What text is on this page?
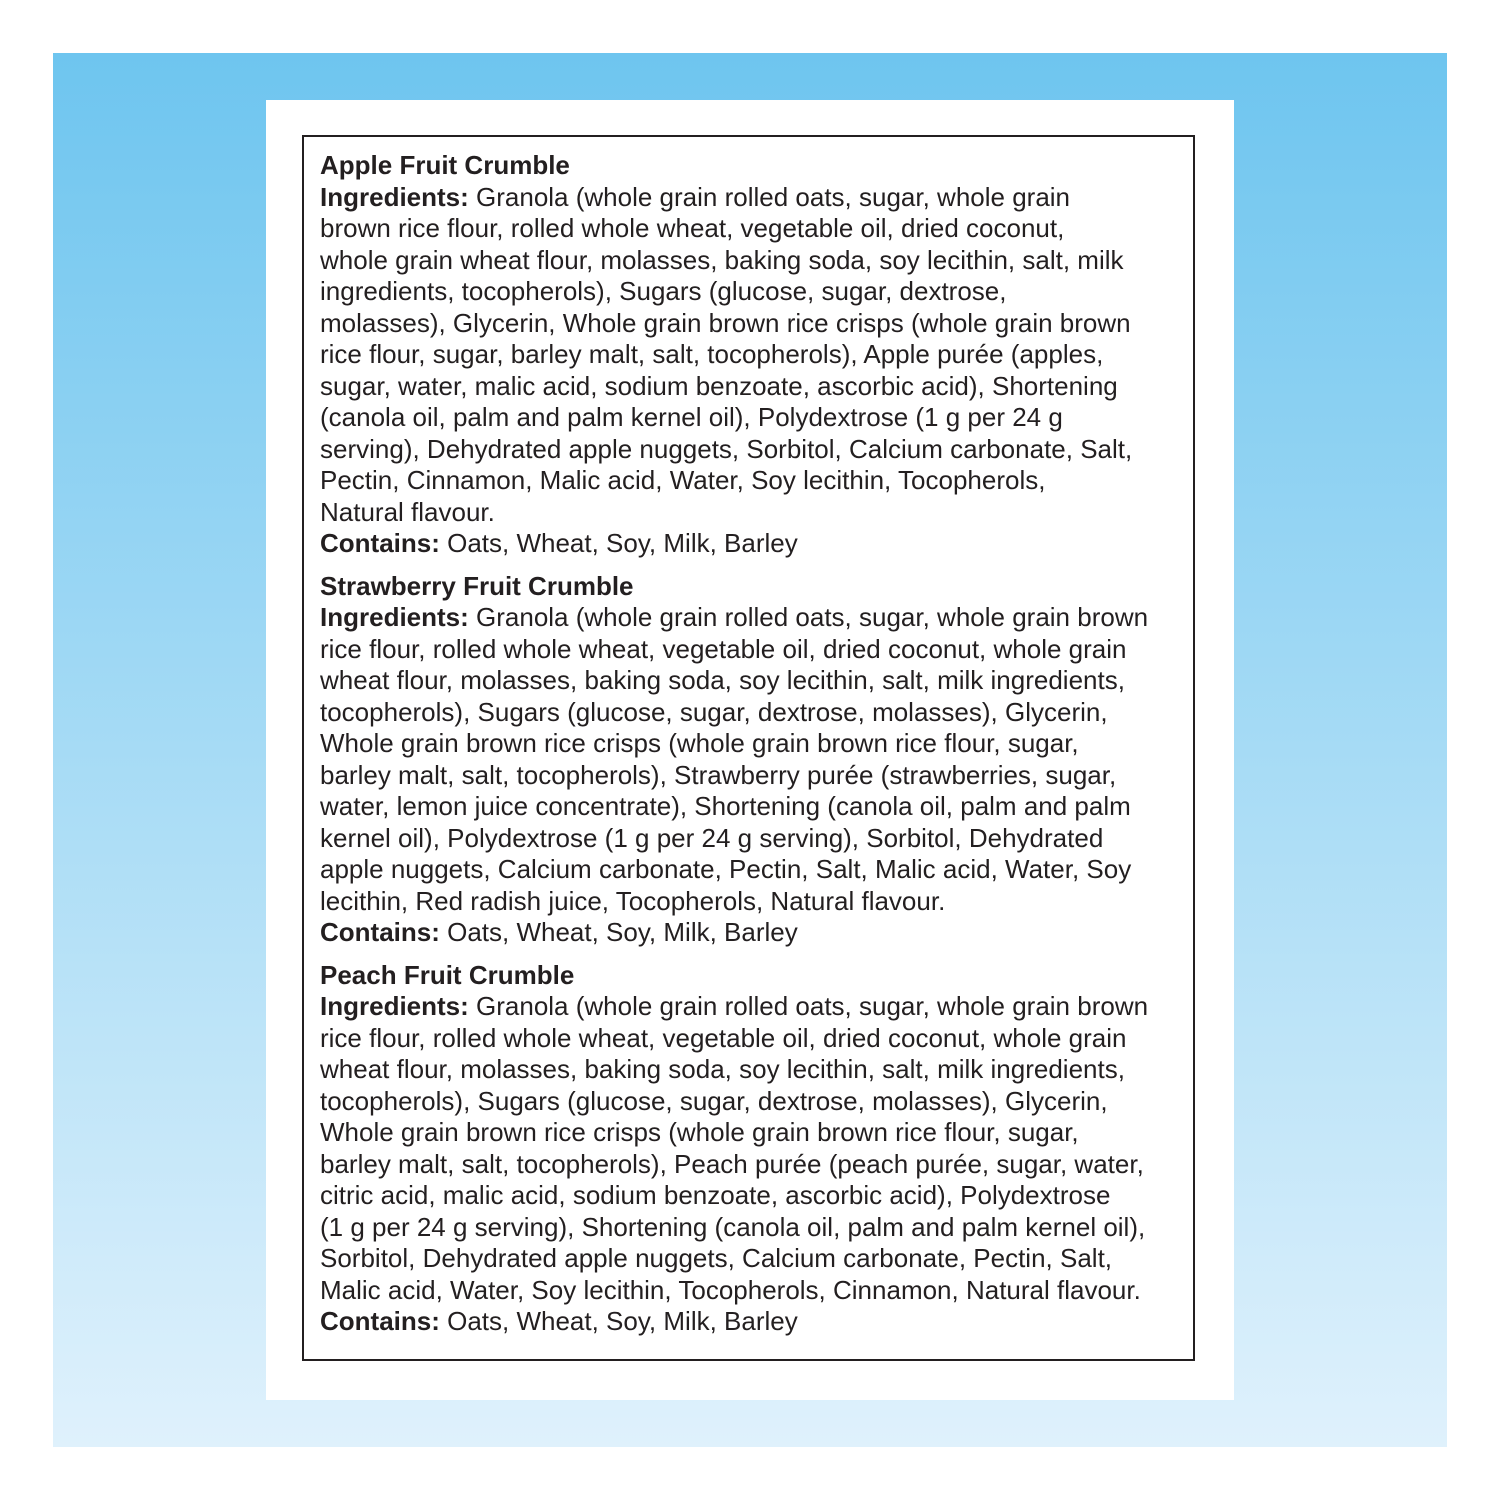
Apple Fruit Crumble
Ingredients: Granola (whole grain rolled oats, sugar, whole grain
brown rice flour, rolled whole wheat, vegetable oil, dried coconut,
whole grain wheat flour, molasses, baking soda, soy lecithin, salt, milk
ingredients, tocopherols), Sugars (glucose, sugar, dextrose,
molasses), Glycerin, Whole grain brown rice crisps (whole grain brown
rice flour, sugar, barley malt, salt, tocopherols), Apple purée (apples,
sugar, water, malic acid, sodium benzoate, ascorbic acid), Shortening
(canola oil, palm and palm kernel oil), Polydextrose (1 g per 24 g
serving), Dehydrated apple nuggets, Sorbitol, Calcium carbonate, Salt,
Pectin, Cinnamon, Malic acid, Water, Soy lecithin, Tocopherols,
Natural flavour.
Contains: Oats, Wheat, Soy, Milk, Barley
Strawberry Fruit Crumble
Ingredients: Granola (whole grain rolled oats, sugar, whole grain brown
rice flour, rolled whole wheat, vegetable oil, dried coconut, whole grain
wheat flour, molasses, baking soda, soy lecithin, salt, milk ingredients,
tocopherols), Sugars (glucose, sugar, dextrose, molasses), Glycerin,
Whole grain brown rice crisps (whole grain brown rice flour, sugar,
barley malt, salt, tocopherols), Strawberry purée (strawberries, sugar,
water, lemon juice concentrate), Shortening (canola oil, palm and palm
kernel oil), Polydextrose (1 g per 24 g serving), Sorbitol, Dehydrated
apple nuggets, Calcium carbonate, Pectin, Salt, Malic acid, Water, Soy
lecithin, Red radish juice, Tocopherols, Natural flavour.
Contains: Oats, Wheat, Soy, Milk, Barley
Peach Fruit Crumble
Ingredients: Granola (whole grain rolled oats, sugar, whole grain brown
rice flour, rolled whole wheat, vegetable oil, dried coconut, whole grain
wheat flour, molasses, baking soda, soy lecithin, salt, milk ingredients,
tocopherols), Sugars (glucose, sugar, dextrose, molasses), Glycerin,
Whole grain brown rice crisps (whole grain brown rice flour, sugar,
barley malt, salt, tocopherols), Peach purée (peach purée, sugar, water,
citric acid, malic acid, sodium benzoate, ascorbic acid), Polydextrose
(1 g per 24 g serving), Shortening (canola oil, palm and palm kernel oil),
Sorbitol, Dehydrated apple nuggets, Calcium carbonate, Pectin, Salt,
Malic acid, Water, Soy lecithin, Tocopherols, Cinnamon, Natural flavour.
Contains: Oats, Wheat, Soy, Milk, Barley
